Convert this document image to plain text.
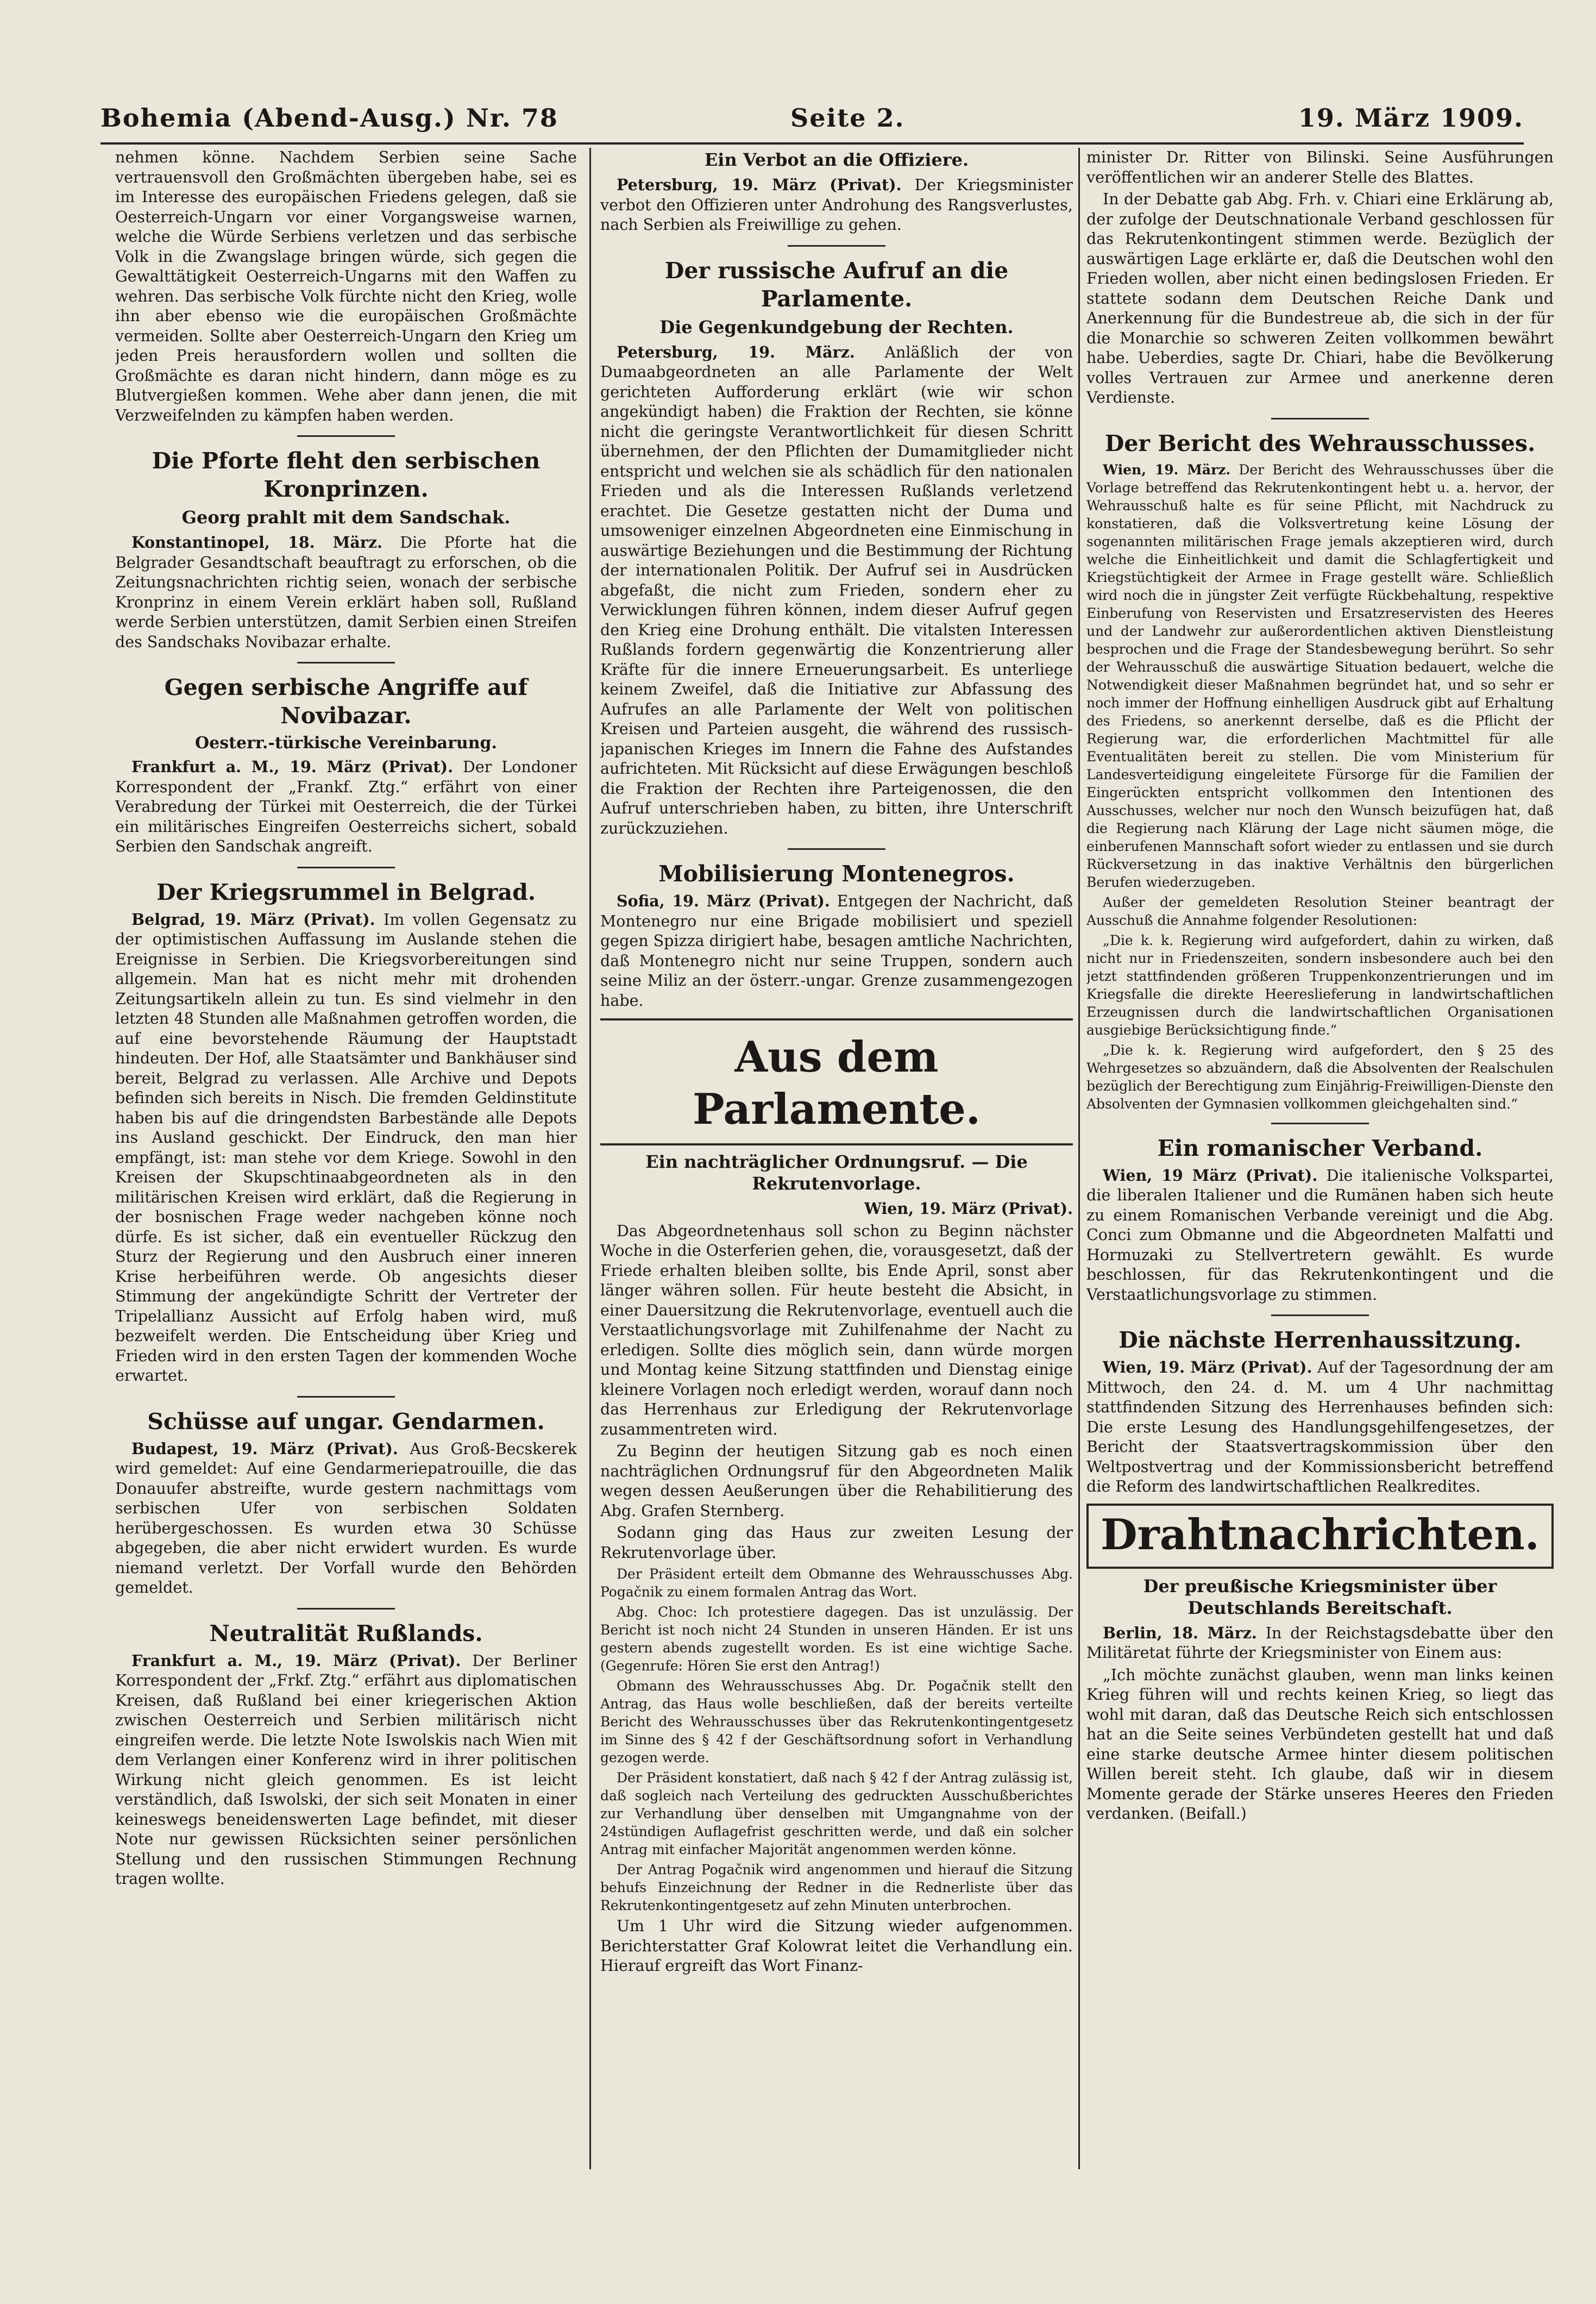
Bohemia (Abend-Ausg.) Nr. 78	Seite 2.	19. März 1909.

nehmen könne. Nachdem Serbien seine Sache vertrauensvoll den Großmächten übergeben habe, sei es im Interesse des europäischen Friedens gelegen, daß sie Oesterreich-Ungarn vor einer Vorgangsweise warnen, welche die Würde Serbiens verletzen und das serbische Volk in die Zwangslage bringen würde, sich gegen die Gewalttätigkeit Oesterreich-Ungarns mit den Waffen zu wehren. Das serbische Volk fürchte nicht den Krieg, wolle ihn aber ebenso wie die europäischen Großmächte vermeiden. Sollte aber Oesterreich-Ungarn den Krieg um jeden Preis herausfordern wollen und sollten die Großmächte es daran nicht hindern, dann möge es zu Blutvergießen kommen. Wehe aber dann jenen, die mit Verzweifelnden zu kämpfen haben werden.

Die Pforte fleht den serbischen Kronprinzen.
Georg prahlt mit dem Sandschak.

Konstantinopel, 18. März. Die Pforte hat die Belgrader Gesandtschaft beauftragt zu erforschen, ob die Zeitungsnachrichten richtig seien, wonach der serbische Kronprinz in einem Verein erklärt haben soll, Rußland werde Serbien unterstützen, damit Serbien einen Streifen des Sandschaks Novibazar erhalte.

Gegen serbische Angriffe auf Novibazar.
Oesterr.-türkische Vereinbarung.

Frankfurt a. M., 19. März (Privat). Der Londoner Korrespondent der „Frankf. Ztg.“ erfährt von einer Verabredung der Türkei mit Oesterreich, die der Türkei ein militärisches Eingreifen Oesterreichs sichert, sobald Serbien den Sandschak angreift.

Der Kriegsrummel in Belgrad.

Belgrad, 19. März (Privat). Im vollen Gegensatz zu der optimistischen Auffassung im Auslande stehen die Ereignisse in Serbien. Die Kriegsvorbereitungen sind allgemein. Man hat es nicht mehr mit drohenden Zeitungsartikeln allein zu tun. Es sind vielmehr in den letzten 48 Stunden alle Maßnahmen getroffen worden, die auf eine bevorstehende Räumung der Hauptstadt hindeuten. Der Hof, alle Staatsämter und Bankhäuser sind bereit, Belgrad zu verlassen. Alle Archive und Depots befinden sich bereits in Nisch. Die fremden Geldinstitute haben bis auf die dringendsten Barbestände alle Depots ins Ausland geschickt. Der Eindruck, den man hier empfängt, ist: man stehe vor dem Kriege. Sowohl in den Kreisen der Skupschtinaabgeordneten als in den militärischen Kreisen wird erklärt, daß die Regierung in der bosnischen Frage weder nachgeben könne noch dürfe. Es ist sicher, daß ein eventueller Rückzug den Sturz der Regierung und den Ausbruch einer inneren Krise herbeiführen werde. Ob angesichts dieser Stimmung der angekündigte Schritt der Vertreter der Tripelallianz Aussicht auf Erfolg haben wird, muß bezweifelt werden. Die Entscheidung über Krieg und Frieden wird in den ersten Tagen der kommenden Woche erwartet.

Schüsse auf ungar. Gendarmen.

Budapest, 19. März (Privat). Aus Groß-Becskerek wird gemeldet: Auf eine Gendarmeriepatrouille, die das Donauufer abstreifte, wurde gestern nachmittags vom serbischen Ufer von serbischen Soldaten herübergeschossen. Es wurden etwa 30 Schüsse abgegeben, die aber nicht erwidert wurden. Es wurde niemand verletzt. Der Vorfall wurde den Behörden gemeldet.

Neutralität Rußlands.

Frankfurt a. M., 19. März (Privat). Der Berliner Korrespondent der „Frkf. Ztg.“ erfährt aus diplomatischen Kreisen, daß Rußland bei einer kriegerischen Aktion zwischen Oesterreich und Serbien militärisch nicht eingreifen werde. Die letzte Note Iswolskis nach Wien mit dem Verlangen einer Konferenz wird in ihrer politischen Wirkung nicht gleich genommen. Es ist leicht verständlich, daß Iswolski, der sich seit Monaten in einer keineswegs beneidenswerten Lage befindet, mit dieser Note nur gewissen Rücksichten seiner persönlichen Stellung und den russischen Stimmungen Rechnung tragen wollte.

Ein Verbot an die Offiziere.

Petersburg, 19. März (Privat). Der Kriegsminister verbot den Offizieren unter Androhung des Rangsverlustes, nach Serbien als Freiwillige zu gehen.

Der russische Aufruf an die Parlamente.
Die Gegenkundgebung der Rechten.

Petersburg, 19. März. Anläßlich der von Dumaabgeordneten an alle Parlamente der Welt gerichteten Aufforderung erklärt (wie wir schon angekündigt haben) die Fraktion der Rechten, sie könne nicht die geringste Verantwortlichkeit für diesen Schritt übernehmen, der den Pflichten der Dumamitglieder nicht entspricht und welchen sie als schädlich für den nationalen Frieden und als die Interessen Rußlands verletzend erachtet. Die Gesetze gestatten nicht der Duma und umsoweniger einzelnen Abgeordneten eine Einmischung in auswärtige Beziehungen und die Bestimmung der Richtung der internationalen Politik. Der Aufruf sei in Ausdrücken abgefaßt, die nicht zum Frieden, sondern eher zu Verwicklungen führen können, indem dieser Aufruf gegen den Krieg eine Drohung enthält. Die vitalsten Interessen Rußlands fordern gegenwärtig die Konzentrierung aller Kräfte für die innere Erneuerungsarbeit. Es unterliege keinem Zweifel, daß die Initiative zur Abfassung des Aufrufes an alle Parlamente der Welt von politischen Kreisen und Parteien ausgeht, die während des russisch-japanischen Krieges im Innern die Fahne des Aufstandes aufrichteten. Mit Rücksicht auf diese Erwägungen beschloß die Fraktion der Rechten ihre Parteigenossen, die den Aufruf unterschrieben haben, zu bitten, ihre Unterschrift zurückzuziehen.

Mobilisierung Montenegros.

Sofia, 19. März (Privat). Entgegen der Nachricht, daß Montenegro nur eine Brigade mobilisiert und speziell gegen Spizza dirigiert habe, besagen amtliche Nachrichten, daß Montenegro nicht nur seine Truppen, sondern auch seine Miliz an der österr.-ungar. Grenze zusammengezogen habe.

Aus dem Parlamente.
Ein nachträglicher Ordnungsruf. — Die Rekrutenvorlage.

Wien, 19. März (Privat).

Das Abgeordnetenhaus soll schon zu Beginn nächster Woche in die Osterferien gehen, die, vorausgesetzt, daß der Friede erhalten bleiben sollte, bis Ende April, sonst aber länger währen sollen. Für heute besteht die Absicht, in einer Dauersitzung die Rekrutenvorlage, eventuell auch die Verstaatlichungsvorlage mit Zuhilfenahme der Nacht zu erledigen. Sollte dies möglich sein, dann würde morgen und Montag keine Sitzung stattfinden und Dienstag einige kleinere Vorlagen noch erledigt werden, worauf dann noch das Herrenhaus zur Erledigung der Rekrutenvorlage zusammentreten wird.

Zu Beginn der heutigen Sitzung gab es noch einen nachträglichen Ordnungsruf für den Abgeordneten Malik wegen dessen Aeußerungen über die Rehabilitierung des Abg. Grafen Sternberg.

Sodann ging das Haus zur zweiten Lesung der Rekrutenvorlage über.

Der Präsident erteilt dem Obmanne des Wehrausschusses Abg. Pogačnik zu einem formalen Antrag das Wort.

Abg. Choc: Ich protestiere dagegen. Das ist unzulässig. Der Bericht ist noch nicht 24 Stunden in unseren Händen. Er ist uns gestern abends zugestellt worden. Es ist eine wichtige Sache. (Gegenrufe: Hören Sie erst den Antrag!)

Obmann des Wehrausschusses Abg. Dr. Pogačnik stellt den Antrag, das Haus wolle beschließen, daß der bereits verteilte Bericht des Wehrausschusses über das Rekrutenkontingentgesetz im Sinne des § 42 f der Geschäftsordnung sofort in Verhandlung gezogen werde.

Der Präsident konstatiert, daß nach § 42 f der Antrag zulässig ist, daß sogleich nach Verteilung des gedruckten Ausschußberichtes zur Verhandlung über denselben mit Umgangnahme von der 24stündigen Auflagefrist geschritten werde, und daß ein solcher Antrag mit einfacher Majorität angenommen werden könne.

Der Antrag Pogačnik wird angenommen und hierauf die Sitzung behufs Einzeichnung der Redner in die Rednerliste über das Rekrutenkontingentgesetz auf zehn Minuten unterbrochen.

Um 1 Uhr wird die Sitzung wieder aufgenommen. Berichterstatter Graf Kolowrat leitet die Verhandlung ein. Hierauf ergreift das Wort Finanz-

minister Dr. Ritter von Bilinski. Seine Ausführungen veröffentlichen wir an anderer Stelle des Blattes.

In der Debatte gab Abg. Frh. v. Chiari eine Erklärung ab, der zufolge der Deutschnationale Verband geschlossen für das Rekrutenkontingent stimmen werde. Bezüglich der auswärtigen Lage erklärte er, daß die Deutschen wohl den Frieden wollen, aber nicht einen bedingslosen Frieden. Er stattete sodann dem Deutschen Reiche Dank und Anerkennung für die Bundestreue ab, die sich in der für die Monarchie so schweren Zeiten vollkommen bewährt habe. Ueberdies, sagte Dr. Chiari, habe die Bevölkerung volles Vertrauen zur Armee und anerkenne deren Verdienste.

Der Bericht des Wehrausschusses.

Wien, 19. März. Der Bericht des Wehrausschusses über die Vorlage betreffend das Rekrutenkontingent hebt u. a. hervor, der Wehrausschuß halte es für seine Pflicht, mit Nachdruck zu konstatieren, daß die Volksvertretung keine Lösung der sogenannten militärischen Frage jemals akzeptieren wird, durch welche die Einheitlichkeit und damit die Schlagfertigkeit und Kriegstüchtigkeit der Armee in Frage gestellt wäre. Schließlich wird noch die in jüngster Zeit verfügte Rückbehaltung, respektive Einberufung von Reservisten und Ersatzreservisten des Heeres und der Landwehr zur außerordentlichen aktiven Dienstleistung besprochen und die Frage der Standesbewegung berührt. So sehr der Wehrausschuß die auswärtige Situation bedauert, welche die Notwendigkeit dieser Maßnahmen begründet hat, und so sehr er noch immer der Hoffnung einhelligen Ausdruck gibt auf Erhaltung des Friedens, so anerkennt derselbe, daß es die Pflicht der Regierung war, die erforderlichen Machtmittel für alle Eventualitäten bereit zu stellen. Die vom Ministerium für Landesverteidigung eingeleitete Fürsorge für die Familien der Eingerückten entspricht vollkommen den Intentionen des Ausschusses, welcher nur noch den Wunsch beizufügen hat, daß die Regierung nach Klärung der Lage nicht säumen möge, die einberufenen Mannschaft sofort wieder zu entlassen und sie durch Rückversetzung in das inaktive Verhältnis den bürgerlichen Berufen wiederzugeben.

Außer der gemeldeten Resolution Steiner beantragt der Ausschuß die Annahme folgender Resolutionen:

„Die k. k. Regierung wird aufgefordert, dahin zu wirken, daß nicht nur in Friedenszeiten, sondern insbesondere auch bei den jetzt stattfindenden größeren Truppenkonzentrierungen und im Kriegsfalle die direkte Heereslieferung in landwirtschaftlichen Erzeugnissen durch die landwirtschaftlichen Organisationen ausgiebige Berücksichtigung finde.“

„Die k. k. Regierung wird aufgefordert, den § 25 des Wehrgesetzes so abzuändern, daß die Absolventen der Realschulen bezüglich der Berechtigung zum Einjährig-Freiwilligen-Dienste den Absolventen der Gymnasien vollkommen gleichgehalten sind.“

Ein romanischer Verband.

Wien, 19 März (Privat). Die italienische Volkspartei, die liberalen Italiener und die Rumänen haben sich heute zu einem Romanischen Verbande vereinigt und die Abg. Conci zum Obmanne und die Abgeordneten Malfatti und Hormuzaki zu Stellvertretern gewählt. Es wurde beschlossen, für das Rekrutenkontingent und die Verstaatlichungsvorlage zu stimmen.

Die nächste Herrenhaussitzung.

Wien, 19. März (Privat). Auf der Tagesordnung der am Mittwoch, den 24. d. M. um 4 Uhr nachmittag stattfindenden Sitzung des Herrenhauses befinden sich: Die erste Lesung des Handlungsgehilfengesetzes, der Bericht der Staatsvertragskommission über den Weltpostvertrag und der Kommissionsbericht betreffend die Reform des landwirtschaftlichen Realkredites.

Drahtnachrichten.
Der preußische Kriegsminister über Deutschlands Bereitschaft.

Berlin, 18. März. In der Reichstagsdebatte über den Militäretat führte der Kriegsminister von Einem aus:

„Ich möchte zunächst glauben, wenn man links keinen Krieg führen will und rechts keinen Krieg, so liegt das wohl mit daran, daß das Deutsche Reich sich entschlossen hat an die Seite seines Verbündeten gestellt hat und daß eine starke deutsche Armee hinter diesem politischen Willen bereit steht. Ich glaube, daß wir in diesem Momente gerade der Stärke unseres Heeres den Frieden verdanken. (Beifall.)
